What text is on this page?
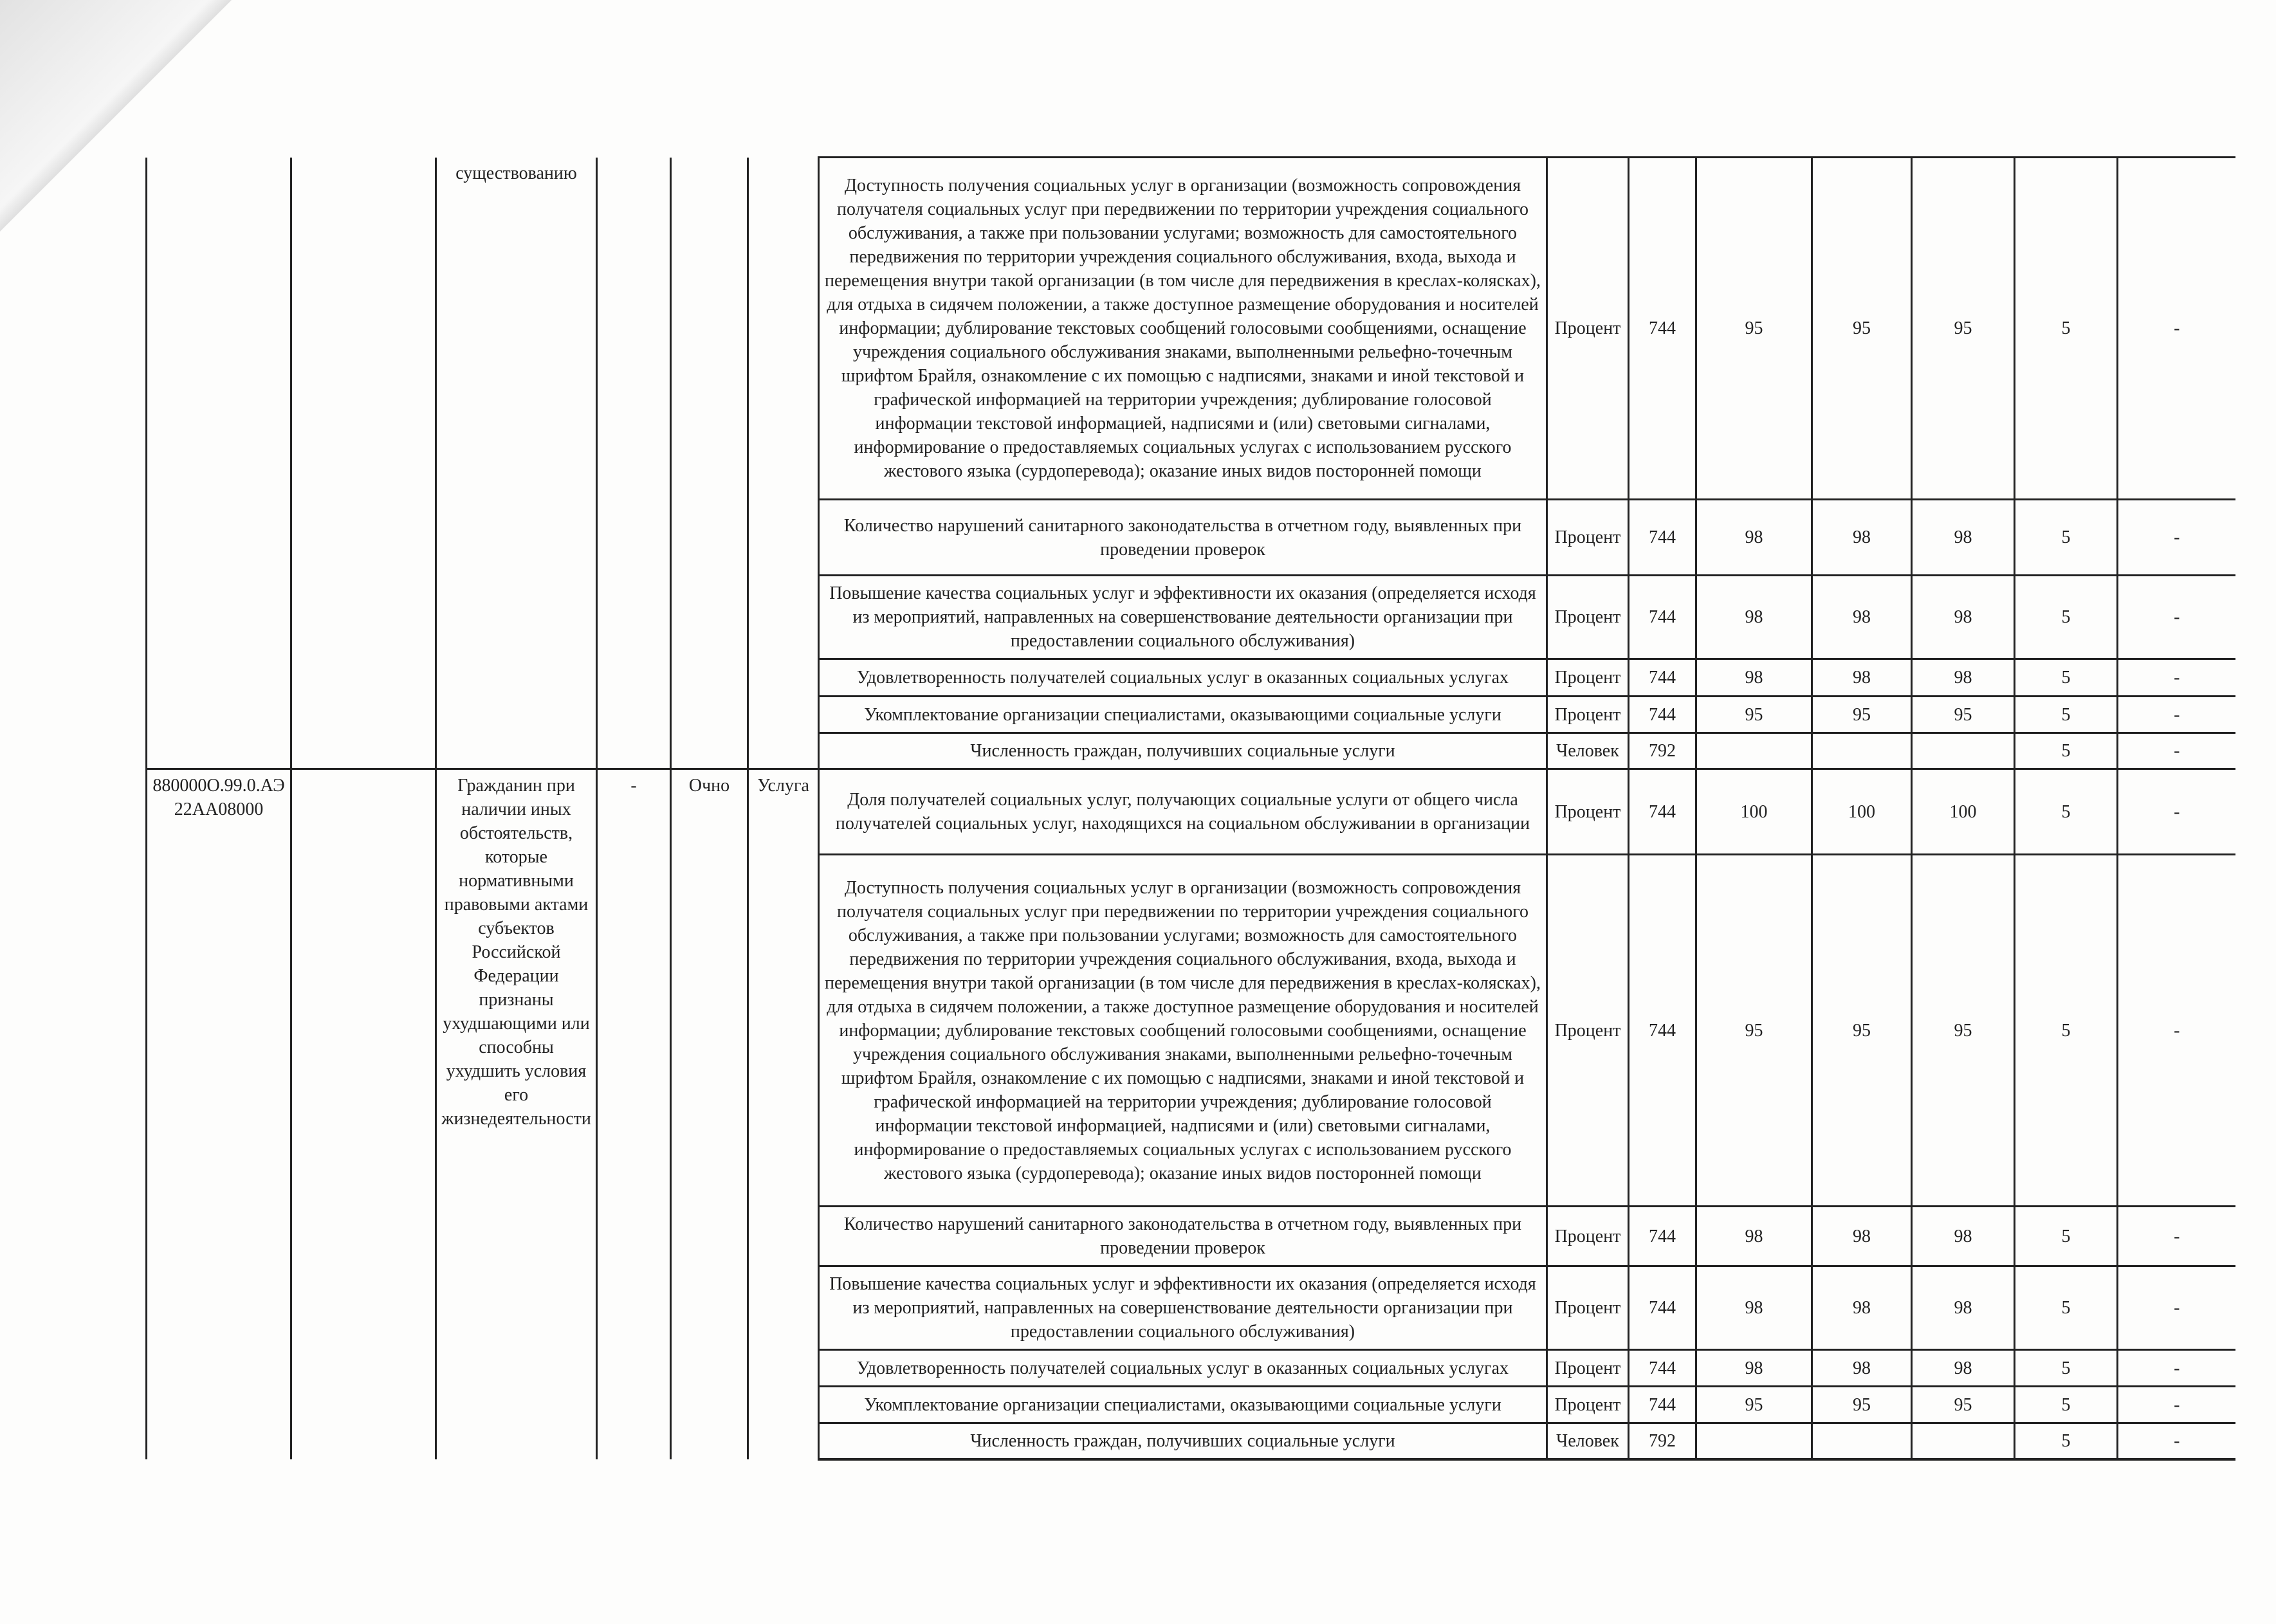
		существованию				Доступность получения социальных услуг в организации (возможность сопровождения получателя социальных услуг при передвижении по территории учреждения социального обслуживания, а также при пользовании услугами; возможность для самостоятельного передвижения по территории учреждения социального обслуживания, входа, выхода и перемещения внутри такой организации (в том числе для передвижения в креслах-колясках), для отдыха в сидячем положении, а также доступное размещение оборудования и носителей информации; дублирование текстовых сообщений голосовыми сообщениями, оснащение учреждения социального обслуживания знаками, выполненными рельефно-точечным шрифтом Брайля, ознакомление с их помощью с надписями, знаками и иной текстовой и графической информацией на территории учреждения; дублирование голосовой информации текстовой информацией, надписями и (или) световыми сигналами, информирование о предоставляемых социальных услугах с использованием русского жестового языка (сурдоперевода); оказание иных видов посторонней помощи	Процент	744	95	95	95	5	-
						Количество нарушений санитарного законодательства в отчетном году, выявленных при проведении проверок	Процент	744	98	98	98	5	-
						Повышение качества социальных услуг и эффективности их оказания (определяется исходя из мероприятий, направленных на совершенствование деятельности организации при предоставлении социального обслуживания)	Процент	744	98	98	98	5	-
						Удовлетворенность получателей социальных услуг в оказанных социальных услугах	Процент	744	98	98	98	5	-
						Укомплектование организации специалистами, оказывающими социальные услуги	Процент	744	95	95	95	5	-
						Численность граждан, получивших социальные услуги	Человек	792				5	-
880000О.99.0.АЭ22АА08000		Гражданин при наличии иных обстоятельств, которые нормативными правовыми актами субъектов Российской Федерации признаны ухудшающими или способны ухудшить условия его жизнедеятельности	-	Очно	Услуга	Доля получателей социальных услуг, получающих социальные услуги от общего числа получателей социальных услуг, находящихся на социальном обслуживании в организации	Процент	744	100	100	100	5	-
						Доступность получения социальных услуг в организации (возможность сопровождения получателя социальных услуг при передвижении по территории учреждения социального обслуживания, а также при пользовании услугами; возможность для самостоятельного передвижения по территории учреждения социального обслуживания, входа, выхода и перемещения внутри такой организации (в том числе для передвижения в креслах-колясках), для отдыха в сидячем положении, а также доступное размещение оборудования и носителей информации; дублирование текстовых сообщений голосовыми сообщениями, оснащение учреждения социального обслуживания знаками, выполненными рельефно-точечным шрифтом Брайля, ознакомление с их помощью с надписями, знаками и иной текстовой и графической информацией на территории учреждения; дублирование голосовой информации текстовой информацией, надписями и (или) световыми сигналами, информирование о предоставляемых социальных услугах с использованием русского жестового языка (сурдоперевода); оказание иных видов посторонней помощи	Процент	744	95	95	95	5	-
						Количество нарушений санитарного законодательства в отчетном году, выявленных при проведении проверок	Процент	744	98	98	98	5	-
						Повышение качества социальных услуг и эффективности их оказания (определяется исходя из мероприятий, направленных на совершенствование деятельности организации при предоставлении социального обслуживания)	Процент	744	98	98	98	5	-
						Удовлетворенность получателей социальных услуг в оказанных социальных услугах	Процент	744	98	98	98	5	-
						Укомплектование организации специалистами, оказывающими социальные услуги	Процент	744	95	95	95	5	-
						Численность граждан, получивших социальные услуги	Человек	792				5	-
